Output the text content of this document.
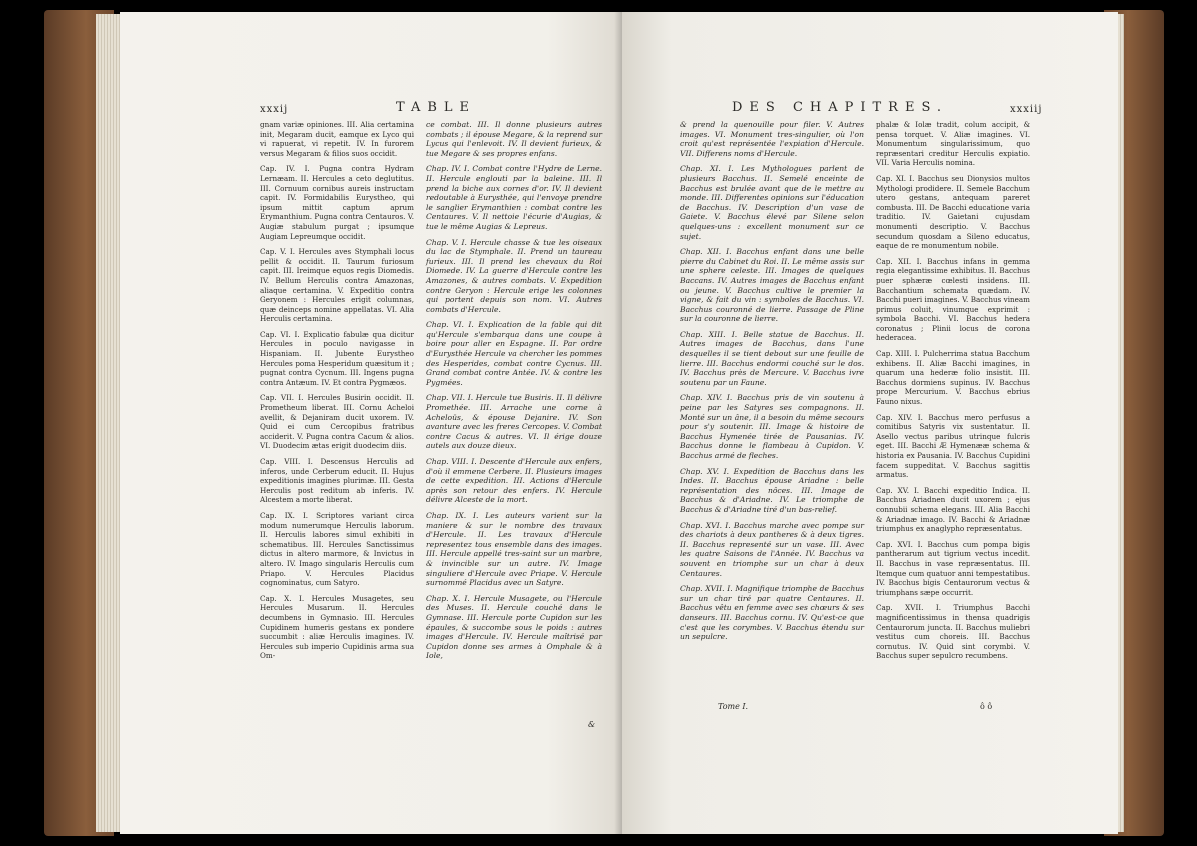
xxxij	TABLE
gnam variæ opiniones. III. Alia certamina init, Megaram ducit, eamque ex Lyco qui vi rapuerat, vi repetit. IV. In furorem versus Megaram & filios suos occidit.
Cap. IV. I. Pugna contra Hydram Lernæam. II. Hercules a ceto deglutitus. III. Cornuum cornibus aureis instructam capit. IV. Formidabilis Eurystheo, qui ipsum mittit captum aprum Erymanthium. Pugna contra Centauros. V. Augiæ stabulum purgat ; ipsumque Augiam Lepreumque occidit.
Cap. V. I. Hercules aves Stymphali locus pellit & occidit. II. Taurum furiosum capit. III. Ireimque equos regis Diomedis. IV. Bellum Herculis contra Amazonas, aliaque certamina. V. Expeditio contra Geryonem : Hercules erigit columnas, quæ deinceps nomine appellatas. VI. Alia Herculis certamina.
Cap. VI. I. Explicatio fabulæ qua dicitur Hercules in poculo navigasse in Hispaniam. II. Jubente Eurystheo Hercules poma Hesperidum quæsitum it ; pugnat contra Cycnum. III. Ingens pugna contra Antæum. IV. Et contra Pygmæos.
Cap. VII. I. Hercules Busirin occidit. II. Prometheum liberat. III. Cornu Acheloi avellit, & Dejaniram ducit uxorem. IV. Quid ei cum Cercopibus fratribus acciderit. V. Pugna contra Cacum & alios. VI. Duodecim ætas erigit duodecim diis.
Cap. VIII. I. Descensus Herculis ad inferos, unde Cerberum educit. II. Hujus expeditionis imagines plurimæ. III. Gesta Herculis post reditum ab inferis. IV. Alcestem a morte liberat.
Cap. IX. I. Scriptores variant circa modum numerumque Herculis laborum. II. Herculis labores simul exhibiti in schematibus. III. Hercules Sanctissimus dictus in altero marmore, & Invictus in altero. IV. Imago singularis Herculis cum Priapo. V. Hercules Placidus cognominatus, cum Satyro.
Cap. X. I. Hercules Musagetes, seu Hercules Musarum. II. Hercules decumbens in Gymnasio. III. Hercules Cupidinem humeris gestans ex pondere succumbit : aliæ Herculis imagines. IV. Hercules sub imperio Cupidinis arma sua Om-
ce combat. III. Il donne plusieurs autres combats ; il épouse Megare, & la reprend sur Lycus qui l'enlevoit. IV. Il devient furieux, & tue Megare & ses propres enfans.
Chap. IV. I. Combat contre l'Hydre de Lerne. II. Hercule englouti par la baleine. III. Il prend la biche aux cornes d'or. IV. Il devient redoutable à Eurysthée, qui l'envoye prendre le sanglier Erymanthien : combat contre les Centaures. V. Il nettoie l'écurie d'Augias, & tue le même Augias & Lepreus.
Chap. V. I. Hercule chasse & tue les oiseaux du lac de Stymphale. II. Prend un taureau furieux. III. Il prend les chevaux du Roi Diomede. IV. La guerre d'Hercule contre les Amazones, & autres combats. V. Expedition contre Geryon : Hercule erige les colonnes qui portent depuis son nom. VI. Autres combats d'Hercule.
Chap. VI. I. Explication de la fable qui dit qu'Hercule s'embarqua dans une coupe à boire pour aller en Espagne. II. Par ordre d'Eurysthée Hercule va chercher les pommes des Hesperides, combat contre Cycnus. III. Grand combat contre Antée. IV. & contre les Pygmées.
Chap. VII. I. Hercule tue Busiris. II. Il délivre Promethée. III. Arrache une corne à Acheloüs, & épouse Dejanire. IV. Son avanture avec les freres Cercopes. V. Combat contre Cacus & autres. VI. Il érige douze autels aux douze dieux.
Chap. VIII. I. Descente d'Hercule aux enfers, d'où il emmene Cerbere. II. Plusieurs images de cette expedition. III. Actions d'Hercule après son retour des enfers. IV. Hercule délivre Alceste de la mort.
Chap. IX. I. Les auteurs varient sur la maniere & sur le nombre des travaux d'Hercule. II. Les travaux d'Hercule representez tous ensemble dans des images. III. Hercule appellé tres-saint sur un marbre, & invincible sur un autre. IV. Image singuliere d'Hercule avec Priape. V. Hercule surnommé Placidus avec un Satyre.
Chap. X. I. Hercule Musagete, ou l'Hercule des Muses. II. Hercule couché dans le Gymnase. III. Hercule porte Cupidon sur les épaules, & succombe sous le poids : autres images d'Hercule. IV. Hercule maîtrisé par Cupidon donne ses armes à Omphale & à Iole,
&
DES CHAPITRES.	xxxiij
& prend la quenouille pour filer. V. Autres images. VI. Monument tres-singulier, où l'on croit qu'est représentée l'expiation d'Hercule. VII. Differens noms d'Hercule.
Chap. XI. I. Les Mythologues parlent de plusieurs Bacchus. II. Semelé enceinte de Bacchus est brulée avant que de le mettre au monde. III. Differentes opinions sur l'éducation de Bacchus. IV. Description d'un vase de Gaiete. V. Bacchus élevé par Silene selon quelques-uns : excellent monument sur ce sujet.
Chap. XII. I. Bacchus enfant dans une belle pierre du Cabinet du Roi. II. Le même assis sur une sphere celeste. III. Images de quelques Baccans. IV. Autres images de Bacchus enfant ou jeune. V. Bacchus cultive le premier la vigne, & fait du vin : symboles de Bacchus. VI. Bacchus couronné de lierre. Passage de Pline sur la couronne de lierre.
Chap. XIII. I. Belle statue de Bacchus. II. Autres images de Bacchus, dans l'une desquelles il se tient debout sur une feuille de lierre. III. Bacchus endormi couché sur le dos. IV. Bacchus près de Mercure. V. Bacchus ivre soutenu par un Faune.
Chap. XIV. I. Bacchus pris de vin soutenu à peine par les Satyres ses compagnons. II. Monté sur un âne, il a besoin du même secours pour s'y soutenir. III. Image & histoire de Bacchus Hymenée tirée de Pausanias. IV. Bacchus donne le flambeau à Cupidon. V. Bacchus armé de fleches.
Chap. XV. I. Expedition de Bacchus dans les Indes. II. Bacchus épouse Ariadne : belle représentation des nôces. III. Image de Bacchus & d'Ariadne. IV. Le triomphe de Bacchus & d'Ariadne tiré d'un bas-relief.
Chap. XVI. I. Bacchus marche avec pompe sur des chariots à deux pantheres & à deux tigres. II. Bacchus representé sur un vase. III. Avec les quatre Saisons de l'Année. IV. Bacchus va souvent en triomphe sur un char à deux Centaures.
Chap. XVII. I. Magnifique triomphe de Bacchus sur un char tiré par quatre Centaures. II. Bacchus vêtu en femme avec ses chœurs & ses danseurs. III. Bacchus cornu. IV. Qu'est-ce que c'est que les corymbes. V. Bacchus étendu sur un sepulcre.
phalæ & Iolæ tradit, colum accipit, & pensa torquet. V. Aliæ imagines. VI. Monumentum singularissimum, quo repræsentari creditur Herculis expiatio. VII. Varia Herculis nomina.
Cap. XI. I. Bacchus seu Dionysios multos Mythologi prodidere. II. Semele Bacchum utero gestans, antequam pareret combusta. III. De Bacchi educatione varia traditio. IV. Gaietani cujusdam monumenti descriptio. V. Bacchus secundum quosdam a Sileno educatus, eaque de re monumentum nobile.
Cap. XII. I. Bacchus infans in gemma regia elegantissime exhibitus. II. Bacchus puer sphæræ cœlesti insidens. III. Bacchantium schemata quædam. IV. Bacchi pueri imagines. V. Bacchus vineam primus coluit, vinumque exprimit : symbola Bacchi. VI. Bacchus hedera coronatus ; Plinii locus de corona hederacea.
Cap. XIII. I. Pulcherrima statua Bacchum exhibens. II. Aliæ Bacchi imagines, in quarum una hederæ folio insistit. III. Bacchus dormiens supinus. IV. Bacchus prope Mercurium. V. Bacchus ebrius Fauno nixus.
Cap. XIV. I. Bacchus mero perfusus a comitibus Satyris vix sustentatur. II. Asello vectus paribus utrinque fulcris eget. III. Bacchi Æ Hymenææ schema & historia ex Pausania. IV. Bacchus Cupidini facem suppeditat. V. Bacchus sagittis armatus.
Cap. XV. I. Bacchi expeditio Indica. II. Bacchus Ariadnen ducit uxorem ; ejus connubii schema elegans. III. Alia Bacchi & Ariadnæ imago. IV. Bacchi & Ariadnæ triumphus ex anaglypho repræsentatus.
Cap. XVI. I. Bacchus cum pompa bigis pantherarum aut tigrium vectus incedit. II. Bacchus in vase repræsentatus. III. Itemque cum quatuor anni tempestatibus. IV. Bacchus bigis Centaurorum vectus & triumphans sæpe occurrit.
Cap. XVII. I. Triumphus Bacchi magnificentissimus in thensa quadrigis Centaurorum juncta. II. Bacchus muliebri vestitus cum choreis. III. Bacchus cornutus. IV. Quid sint corymbi. V. Bacchus super sepulcro recumbens.
Tome I.	ô ô
